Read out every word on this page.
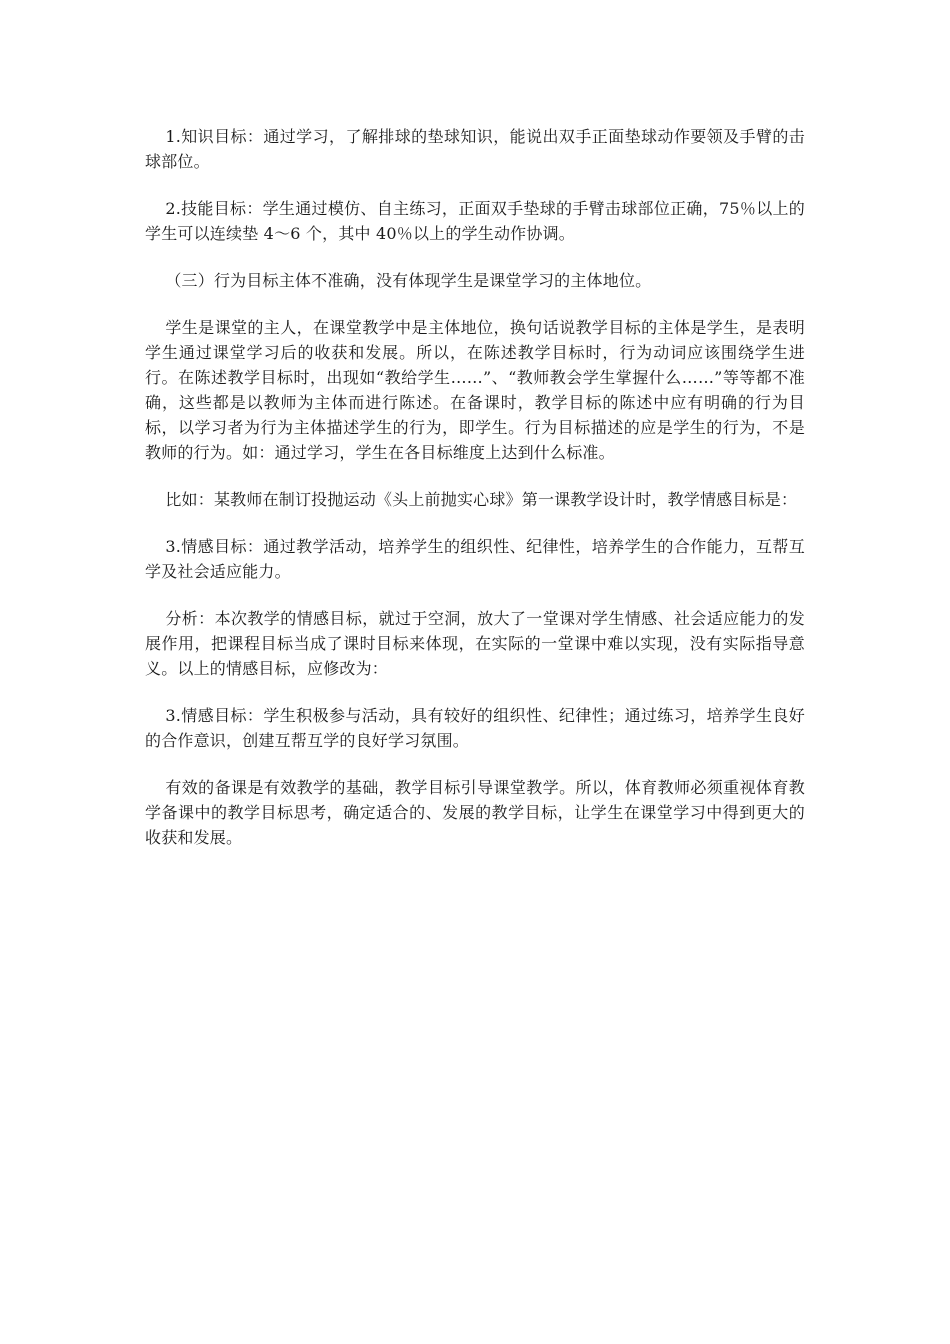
1.知识目标：通过学习，了解排球的垫球知识，能说出双手正面垫球动作要领及手臂的击球部位。

2.技能目标：学生通过模仿、自主练习，正面双手垫球的手臂击球部位正确，75％以上的学生可以连续垫 4～6 个，其中 40％以上的学生动作协调。

（三）行为目标主体不准确，没有体现学生是课堂学习的主体地位。

学生是课堂的主人，在课堂教学中是主体地位，换句话说教学目标的主体是学生，是表明学生通过课堂学习后的收获和发展。所以，在陈述教学目标时，行为动词应该围绕学生进行。在陈述教学目标时，出现如“教给学生……”、“教师教会学生掌握什么……”等等都不准确，这些都是以教师为主体而进行陈述。在备课时，教学目标的陈述中应有明确的行为目标，以学习者为行为主体描述学生的行为，即学生。行为目标描述的应是学生的行为，不是教师的行为。如：通过学习，学生在各目标维度上达到什么标准。

比如：某教师在制订投抛运动《头上前抛实心球》第一课教学设计时，教学情感目标是：

3.情感目标：通过教学活动，培养学生的组织性、纪律性，培养学生的合作能力，互帮互学及社会适应能力。

分析：本次教学的情感目标，就过于空洞，放大了一堂课对学生情感、社会适应能力的发展作用，把课程目标当成了课时目标来体现，在实际的一堂课中难以实现，没有实际指导意义。以上的情感目标，应修改为：

3.情感目标：学生积极参与活动，具有较好的组织性、纪律性；通过练习，培养学生良好的合作意识，创建互帮互学的良好学习氛围。

有效的备课是有效教学的基础，教学目标引导课堂教学。所以，体育教师必须重视体育教学备课中的教学目标思考，确定适合的、发展的教学目标，让学生在课堂学习中得到更大的收获和发展。
